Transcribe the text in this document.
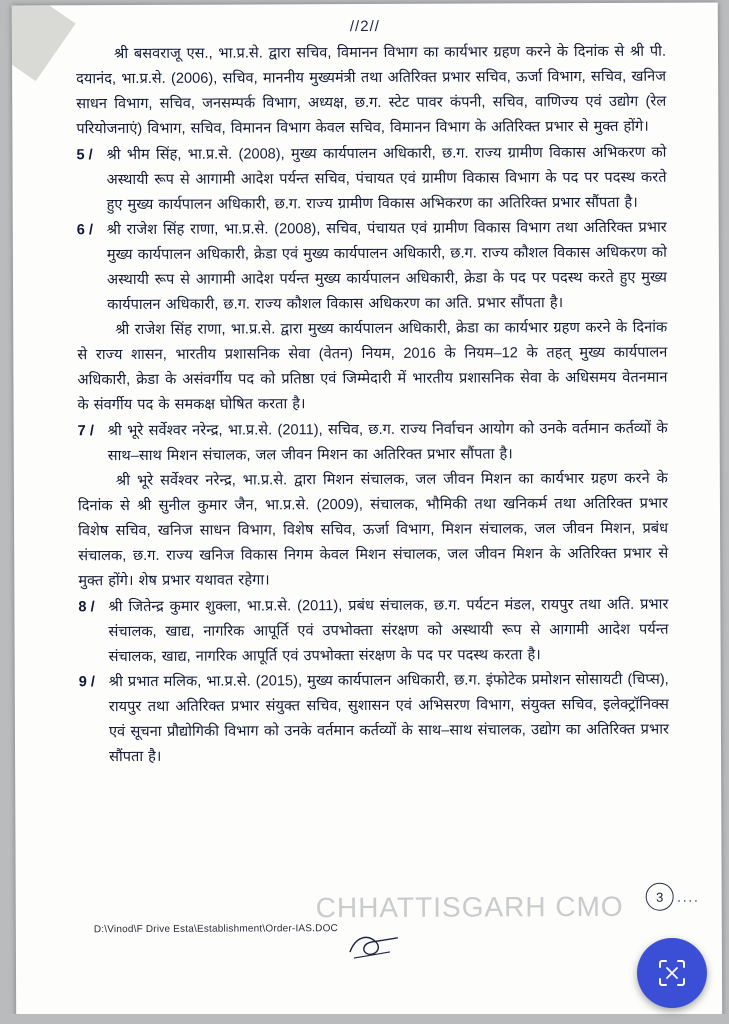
//2//
श्री बसवराजू एस., भा.प्र.से. द्वारा सचिव, विमानन विभाग का कार्यभार ग्रहण करने के दिनांक से श्री पी. दयानंद, भा.प्र.से. (2006), सचिव, माननीय मुख्यमंत्री तथा अतिरिक्त प्रभार सचिव, ऊर्जा विभाग, सचिव, खनिज साधन विभाग, सचिव, जनसम्पर्क विभाग, अध्यक्ष, छ.ग. स्टेट पावर कंपनी, सचिव, वाणिज्य एवं उद्योग (रेल परियोजनाएं) विभाग, सचिव, विमानन विभाग केवल सचिव, विमानन विभाग के अतिरिक्त प्रभार से मुक्त होंगे।
5 / श्री भीम सिंह, भा.प्र.से. (2008), मुख्य कार्यपालन अधिकारी, छ.ग. राज्य ग्रामीण विकास अभिकरण को अस्थायी रूप से आगामी आदेश पर्यन्त सचिव, पंचायत एवं ग्रामीण विकास विभाग के पद पर पदस्थ करते हुए मुख्य कार्यपालन अधिकारी, छ.ग. राज्य ग्रामीण विकास अभिकरण का अतिरिक्त प्रभार सौंपता है।
6 / श्री राजेश सिंह राणा, भा.प्र.से. (2008), सचिव, पंचायत एवं ग्रामीण विकास विभाग तथा अतिरिक्त प्रभार मुख्य कार्यपालन अधिकारी, क्रेडा एवं मुख्य कार्यपालन अधिकारी, छ.ग. राज्य कौशल विकास अधिकरण को अस्थायी रूप से आगामी आदेश पर्यन्त मुख्य कार्यपालन अधिकारी, क्रेडा के पद पर पदस्थ करते हुए मुख्य कार्यपालन अधिकारी, छ.ग. राज्य कौशल विकास अधिकरण का अति. प्रभार सौंपता है।
श्री राजेश सिंह राणा, भा.प्र.से. द्वारा मुख्य कार्यपालन अधिकारी, क्रेडा का कार्यभार ग्रहण करने के दिनांक से राज्य शासन, भारतीय प्रशासनिक सेवा (वेतन) नियम, 2016 के नियम–12 के तहत् मुख्य कार्यपालन अधिकारी, क्रेडा के असंवर्गीय पद को प्रतिष्ठा एवं जिम्मेदारी में भारतीय प्रशासनिक सेवा के अधिसमय वेतनमान के संवर्गीय पद के समकक्ष घोषित करता है।
7 / श्री भूरे सर्वेश्वर नरेन्द्र, भा.प्र.से. (2011), सचिव, छ.ग. राज्य निर्वाचन आयोग को उनके वर्तमान कर्तव्यों के साथ–साथ मिशन संचालक, जल जीवन मिशन का अतिरिक्त प्रभार सौंपता है।
श्री भूरे सर्वेश्वर नरेन्द्र, भा.प्र.से. द्वारा मिशन संचालक, जल जीवन मिशन का कार्यभार ग्रहण करने के दिनांक से श्री सुनील कुमार जैन, भा.प्र.से. (2009), संचालक, भौमिकी तथा खनिकर्म तथा अतिरिक्त प्रभार विशेष सचिव, खनिज साधन विभाग, विशेष सचिव, ऊर्जा विभाग, मिशन संचालक, जल जीवन मिशन, प्रबंध संचालक, छ.ग. राज्य खनिज विकास निगम केवल मिशन संचालक, जल जीवन मिशन के अतिरिक्त प्रभार से मुक्त होंगे। शेष प्रभार यथावत रहेगा।
8 / श्री जितेन्द्र कुमार शुक्ला, भा.प्र.से. (2011), प्रबंध संचालक, छ.ग. पर्यटन मंडल, रायपुर तथा अति. प्रभार संचालक, खाद्य, नागरिक आपूर्ति एवं उपभोक्ता संरक्षण को अस्थायी रूप से आगामी आदेश पर्यन्त संचालक, खाद्य, नागरिक आपूर्ति एवं उपभोक्ता संरक्षण के पद पर पदस्थ करता है।
9 / श्री प्रभात मलिक, भा.प्र.से. (2015), मुख्य कार्यपालन अधिकारी, छ.ग. इंफोटेक प्रमोशन सोसायटी (चिप्स), रायपुर तथा अतिरिक्त प्रभार संयुक्त सचिव, सुशासन एवं अभिसरण विभाग, संयुक्त सचिव, इलेक्ट्रॉनिक्स एवं सूचना प्रौद्योगिकी विभाग को उनके वर्तमान कर्तव्यों के साथ–साथ संचालक, उद्योग का अतिरिक्त प्रभार सौंपता है।
CHHATTISGARH CMO	3	....
D:\Vinod\F Drive Esta\Establishment\Order-IAS.DOC
